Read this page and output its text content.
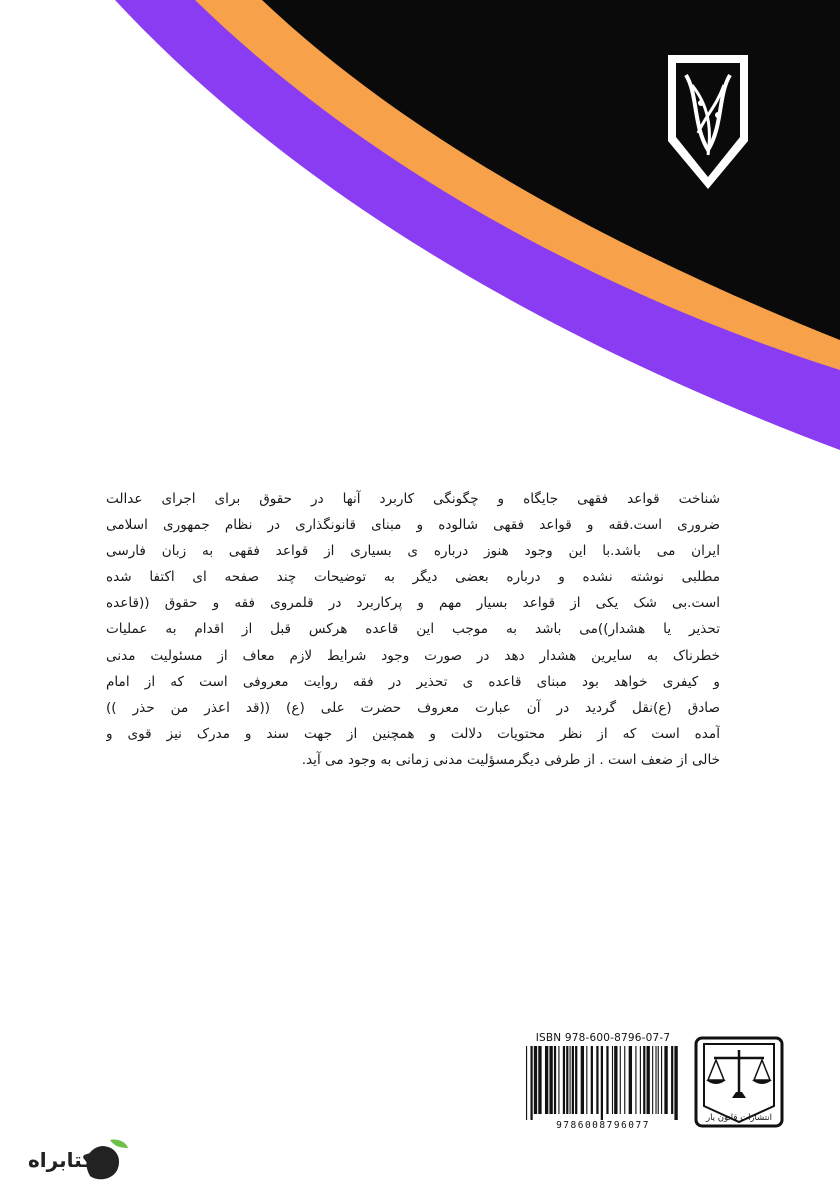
شناخت قواعد فقهی جایگاه و چگونگی کاربرد آنها در حقوق برای اجرای عدالت
ضروری است.فقه و قواعد فقهی شالوده و مبنای قانونگذاری در نظام جمهوری اسلامی
ایران می باشد.با این وجود هنوز درباره ی بسیاری از قواعد فقهی به زبان فارسی
مطلبی نوشته نشده و درباره بعضی دیگر به توضیحات چند صفحه ای اکتفا شده
است.بی شک یکی از قواعد بسیار مهم و پرکاربرد در قلمروی فقه و حقوق ((قاعده
تحذیر یا هشدار))می باشد به موجب این قاعده هرکس قبل از اقدام به عملیات
خطرناک به سایرین هشدار دهد در صورت وجود شرایط لازم معاف از مسئولیت مدنی
و کیفری خواهد بود مبنای قاعده ی تحذیر در فقه روایت معروفی است که از امام
صادق (ع)نقل گردید در آن عبارت معروف حضرت علی (ع) ((قد اعذر من حذر ))
آمده است که از نظر محتویات دلالت و همچنین از جهت سند و مدرک نیز قوی و
خالی از ضعف است . از طرفی دیگرمسؤلیت مدنی زمانی به وجود می آید.
ISBN 978-600-8796-07-7
9786008796077
انتشارات قانون یار
کتابراه
